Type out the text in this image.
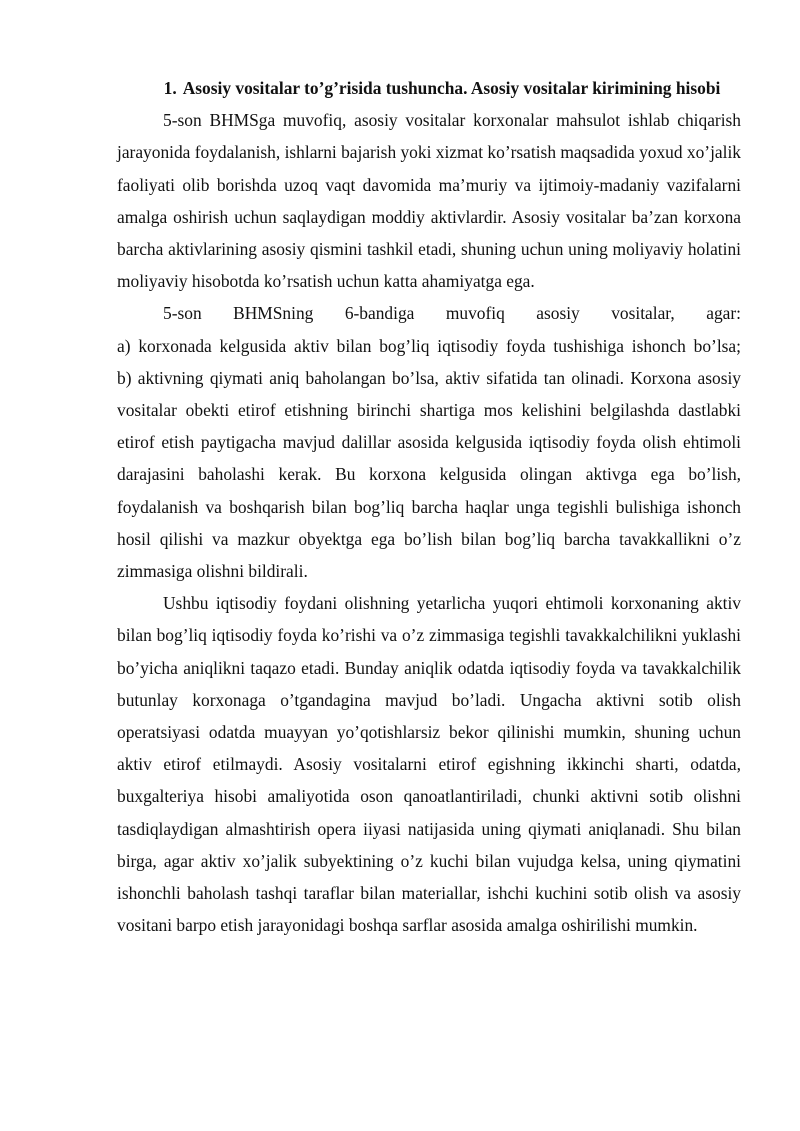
1. Asosiy vositalar to’g’risida tushuncha. Asosiy vositalar kirimining hisobi

5-son BHMSga muvofiq, asosiy vositalar korxonalar mahsulot ishlab chiqarish jarayonida foydalanish, ishlarni bajarish yoki xizmat ko’rsatish maqsadida yoxud xo’jalik faoliyati olib borishda uzoq vaqt davomida ma’muriy va ijtimoiy-madaniy vazifalarni amalga oshirish uchun saqlaydigan moddiy aktivlardir. Asosiy vositalar ba’zan korxona barcha aktivlarining asosiy qismini tashkil etadi, shuning uchun uning moliyaviy holatini moliyaviy hisobotda ko’rsatish uchun katta ahamiyatga ega.

5-son BHMSning 6-bandiga muvofiq asosiy vositalar, agar:

a) korxonada kelgusida aktiv bilan bog’liq iqtisodiy foyda tushishiga ishonch bo’lsa;

b) aktivning qiymati aniq baholangan bo’lsa, aktiv sifatida tan olinadi. Korxona asosiy vositalar obekti etirof etishning birinchi shartiga mos kelishini belgilashda dastlabki etirof etish paytigacha mavjud dalillar asosida kelgusida iqtisodiy foyda olish ehtimoli darajasini baholashi kerak. Bu korxona kelgusida olingan aktivga ega bo’lish, foydalanish va boshqarish bilan bog’liq barcha haqlar unga tegishli bulishiga ishonch hosil qilishi va mazkur obyektga ega bo’lish bilan bog’liq barcha tavakkallikni o’z zimmasiga olishni bildirali.

Ushbu iqtisodiy foydani olishning yetarlicha yuqori ehtimoli korxonaning aktiv bilan bog’liq iqtisodiy foyda ko’rishi va o’z zimmasiga tegishli tavakkalchilikni yuklashi bo’yicha aniqlikni taqazo etadi. Bunday aniqlik odatda iqtisodiy foyda va tavakkalchilik butunlay korxonaga o’tgandagina mavjud bo’ladi. Ungacha aktivni sotib olish operatsiyasi odatda muayyan yo’qotishlarsiz bekor qilinishi mumkin, shuning uchun aktiv etirof etilmaydi. Asosiy vositalarni etirof egishning ikkinchi sharti, odatda, buxgalteriya hisobi amaliyotida oson qanoatlantiriladi, chunki aktivni sotib olishni tasdiqlaydigan almashtirish opera iiyasi natijasida uning qiymati aniqlanadi. Shu bilan birga, agar aktiv xo’jalik subyektining o’z kuchi bilan vujudga kelsa, uning qiymatini ishonchli baholash tashqi taraflar bilan materiallar, ishchi kuchini sotib olish va asosiy vositani barpo etish jarayonidagi boshqa sarflar asosida amalga oshirilishi mumkin.
